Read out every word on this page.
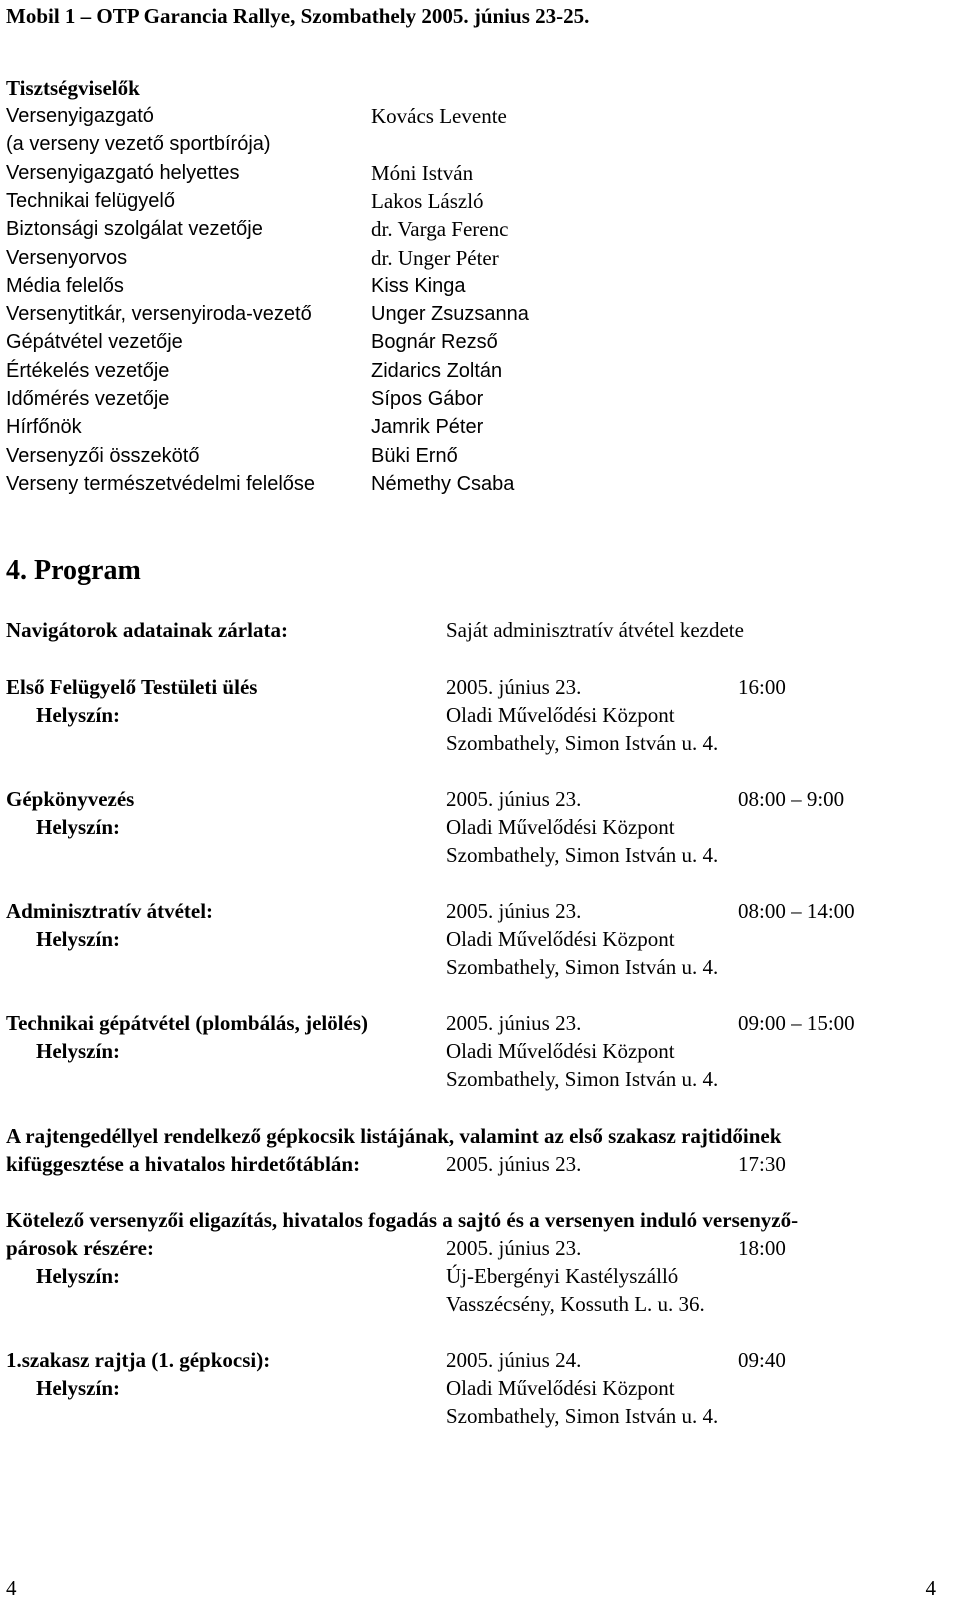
Mobil 1 – OTP Garancia Rallye, Szombathely 2005. június 23-25.
Tisztségviselők
Versenyigazgató	Kovács Levente
(a verseny vezető sportbírója)
Versenyigazgató helyettes	Móni István
Technikai felügyelő	Lakos László
Biztonsági szolgálat vezetője	dr. Varga Ferenc
Versenyorvos	dr. Unger Péter
Média felelős	Kiss Kinga
Versenytitkár, versenyiroda-vezető	Unger Zsuzsanna
Gépátvétel vezetője	Bognár Rezső
Értékelés vezetője	Zidarics Zoltán
Időmérés vezetője	Sípos Gábor
Hírfőnök	Jamrik Péter
Versenyzői összekötő	Büki Ernő
Verseny természetvédelmi felelőse	Némethy Csaba
4. Program
Navigátorok adatainak zárlata:	Saját adminisztratív átvétel kezdete
Első Felügyelő Testületi ülés	2005. június 23.	16:00
Helyszín:	Oladi Művelődési Központ
Szombathely, Simon István u. 4.
Gépkönyvezés	2005. június 23.	08:00 – 9:00
Helyszín:	Oladi Művelődési Központ
Szombathely, Simon István u. 4.
Adminisztratív átvétel:	2005. június 23.	08:00 – 14:00
Helyszín:	Oladi Művelődési Központ
Szombathely, Simon István u. 4.
Technikai gépátvétel (plombálás, jelölés)	2005. június 23.	09:00 – 15:00
Helyszín:	Oladi Művelődési Központ
Szombathely, Simon István u. 4.
A rajtengedéllyel rendelkező gépkocsik listájának, valamint az első szakasz rajtidőinek
kifüggesztése a hivatalos hirdetőtáblán:	2005. június 23.	17:30
Kötelező versenyzői eligazítás, hivatalos fogadás a sajtó és a versenyen induló versenyző-
párosok részére:	2005. június 23.	18:00
Helyszín:	Új-Ebergényi Kastélyszálló
Vasszécsény, Kossuth L. u. 36.
1.szakasz rajtja (1. gépkocsi):	2005. június 24.	09:40
Helyszín:	Oladi Művelődési Központ
Szombathely, Simon István u. 4.
4	4
